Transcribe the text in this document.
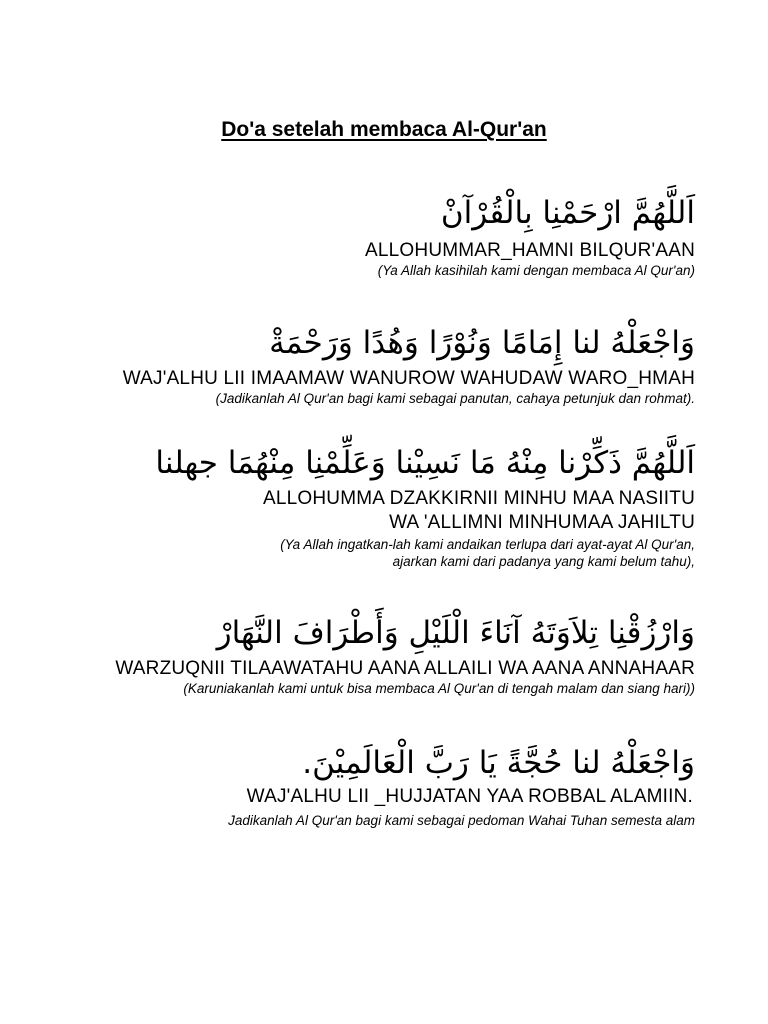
Do'a setelah membaca Al-Qur'an
اَللَّهُمَّ ارْحَمْنِا بِالْقُرْآنْ
ALLOHUMMAR_HAMNI BILQUR'AAN
(Ya Allah kasihilah kami dengan membaca Al Qur'an)
وَاجْعَلْهُ لنا إِمَامًا وَنُوْرًا وَهُدًا وَرَحْمَةْ
WAJ'ALHU LII IMAAMAW WANUROW WAHUDAW WARO_HMAH
(Jadikanlah Al Qur'an bagi kami sebagai panutan, cahaya petunjuk dan rohmat).
اَللَّهُمَّ ذَكِّرْنا مِنْهُ مَا نَسِيْنا وَعَلِّمْنِا مِنْهُمَا جهلنا
ALLOHUMMA DZAKKIRNII MINHU MAA NASIITU
WA 'ALLIMNI MINHUMAA JAHILTU
(Ya Allah ingatkan-lah kami andaikan terlupa dari ayat-ayat Al Qur'an,
ajarkan kami dari padanya yang kami belum tahu),
وَارْزُقْنِا تِلاَوَتَهُ آنَاءَ الْلَيْلِ وَأَطْرَافَ النَّهَارْ
WARZUQNII TILAAWATAHU AANA ALLAILI WA AANA ANNAHAAR
(Karuniakanlah kami untuk bisa membaca Al Qur'an di tengah malam dan siang hari))
وَاجْعَلْهُ لنا حُجَّةً يَا رَبَّ الْعَالَمِيْنَ.
WAJ'ALHU LII _HUJJATAN YAA ROBBAL ALAMIIN.
Jadikanlah Al Qur'an bagi kami sebagai pedoman Wahai Tuhan semesta alam
